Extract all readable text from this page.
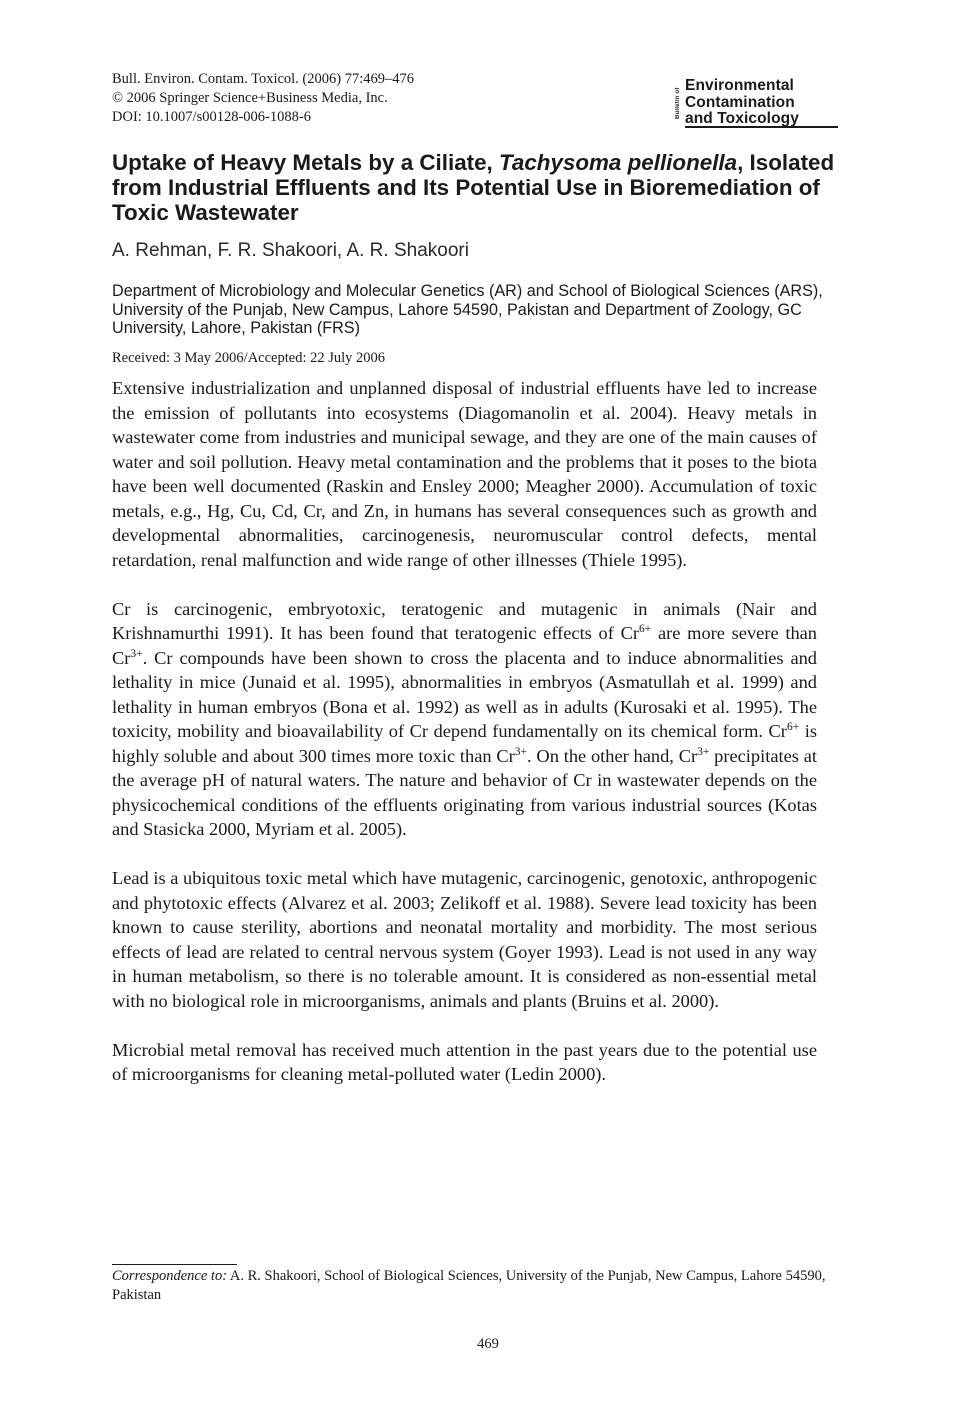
Bull. Environ. Contam. Toxicol. (2006) 77:469–476
© 2006 Springer Science+Business Media, Inc.
DOI: 10.1007/s00128-006-1088-6	Bulletin of
Environmental
Contamination
and Toxicology
Uptake of Heavy Metals by a Ciliate, Tachysoma pellionella, Isolated from Industrial Effluents and Its Potential Use in Bioremediation of Toxic Wastewater
A. Rehman, F. R. Shakoori, A. R. Shakoori
Department of Microbiology and Molecular Genetics (AR) and School of Biological Sciences (ARS), University of the Punjab, New Campus, Lahore 54590, Pakistan and Department of Zoology, GC University, Lahore, Pakistan (FRS)
Received: 3 May 2006/Accepted: 22 July 2006

Extensive industrialization and unplanned disposal of industrial effluents have led to increase the emission of pollutants into ecosystems (Diagomanolin et al. 2004). Heavy metals in wastewater come from industries and municipal sewage, and they are one of the main causes of water and soil pollution. Heavy metal contamination and the problems that it poses to the biota have been well documented (Raskin and Ensley 2000; Meagher 2000). Accumulation of toxic metals, e.g., Hg, Cu, Cd, Cr, and Zn, in humans has several consequences such as growth and developmental abnormalities, carcinogenesis, neuromuscular control defects, mental retardation, renal malfunction and wide range of other illnesses (Thiele 1995).

Cr is carcinogenic, embryotoxic, teratogenic and mutagenic in animals (Nair and Krishnamurthi 1991). It has been found that teratogenic effects of $Cr^{6+}$ are more severe than $Cr^{3+}$. Cr compounds have been shown to cross the placenta and to induce abnormalities and lethality in mice (Junaid et al. 1995), abnormalities in embryos (Asmatullah et al. 1999) and lethality in human embryos (Bona et al. 1992) as well as in adults (Kurosaki et al. 1995). The toxicity, mobility and bioavailability of Cr depend fundamentally on its chemical form. $Cr^{6+}$ is highly soluble and about 300 times more toxic than $Cr^{3+}$. On the other hand, $Cr^{3+}$ precipitates at the average pH of natural waters. The nature and behavior of Cr in wastewater depends on the physicochemical conditions of the effluents originating from various industrial sources (Kotas and Stasicka 2000, Myriam et al. 2005).

Lead is a ubiquitous toxic metal which have mutagenic, carcinogenic, genotoxic, anthropogenic and phytotoxic effects (Alvarez et al. 2003; Zelikoff et al. 1988). Severe lead toxicity has been known to cause sterility, abortions and neonatal mortality and morbidity. The most serious effects of lead are related to central nervous system (Goyer 1993). Lead is not used in any way in human metabolism, so there is no tolerable amount. It is considered as non-essential metal with no biological role in microorganisms, animals and plants (Bruins et al. 2000).

Microbial metal removal has received much attention in the past years due to the potential use of microorganisms for cleaning metal-polluted water (Ledin 2000).

Correspondence to: A. R. Shakoori, School of Biological Sciences, University of the Punjab, New Campus, Lahore 54590, Pakistan
469
